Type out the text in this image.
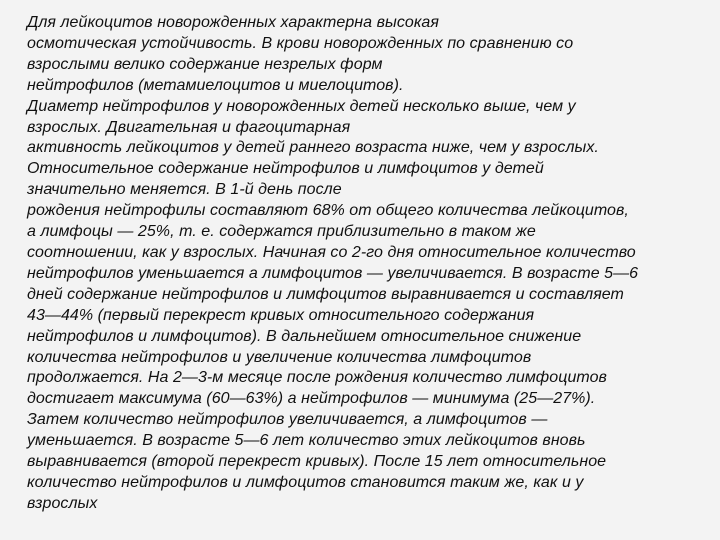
Для лейкоцитов новорожденных характерна высокая
осмотическая устойчивость. В крови новорожденных по сравнению со
взрослыми велико содержание незрелых форм
нейтрофилов (метамиелоцитов и миелоцитов).
Диаметр нейтрофилов у новорожденных детей несколько выше, чем у
взрослых. Двигательная и фагоцитарная
активность лейкоцитов у детей раннего возраста ниже, чем у взрослых.
Относительное содержание нейтрофилов и лимфоцитов у детей
значительно меняется. В 1-й день после
рождения нейтрофилы составляют 68% от общего количества лейкоцитов,
а лимфоцы — 25%, т. е. содержатся приблизительно в таком же
соотношении, как у взрослых. Начиная со 2-го дня относительное количество
нейтрофилов уменьшается а лимфоцитов — увеличивается. В возрасте 5—6
дней содержание нейтрофилов и лимфоцитов выравнивается и составляет
43—44% (первый перекрест кривых относительного содержания
нейтрофилов и лимфоцитов). В дальнейшем относительное снижение
количества нейтрофилов и увеличение количества лимфоцитов
продолжается. На 2—3-м месяце после рождения количество лимфоцитов
достигает максимума (60—63%) а нейтрофилов — минимума (25—27%).
Затем количество нейтрофилов увеличивается, а лимфоцитов —
уменьшается. В возрасте 5—6 лет количество этих лейкоцитов вновь
выравнивается (второй перекрест кривых). После 15 лет относительное
количество нейтрофилов и лимфоцитов становится таким же, как и у
взрослых
